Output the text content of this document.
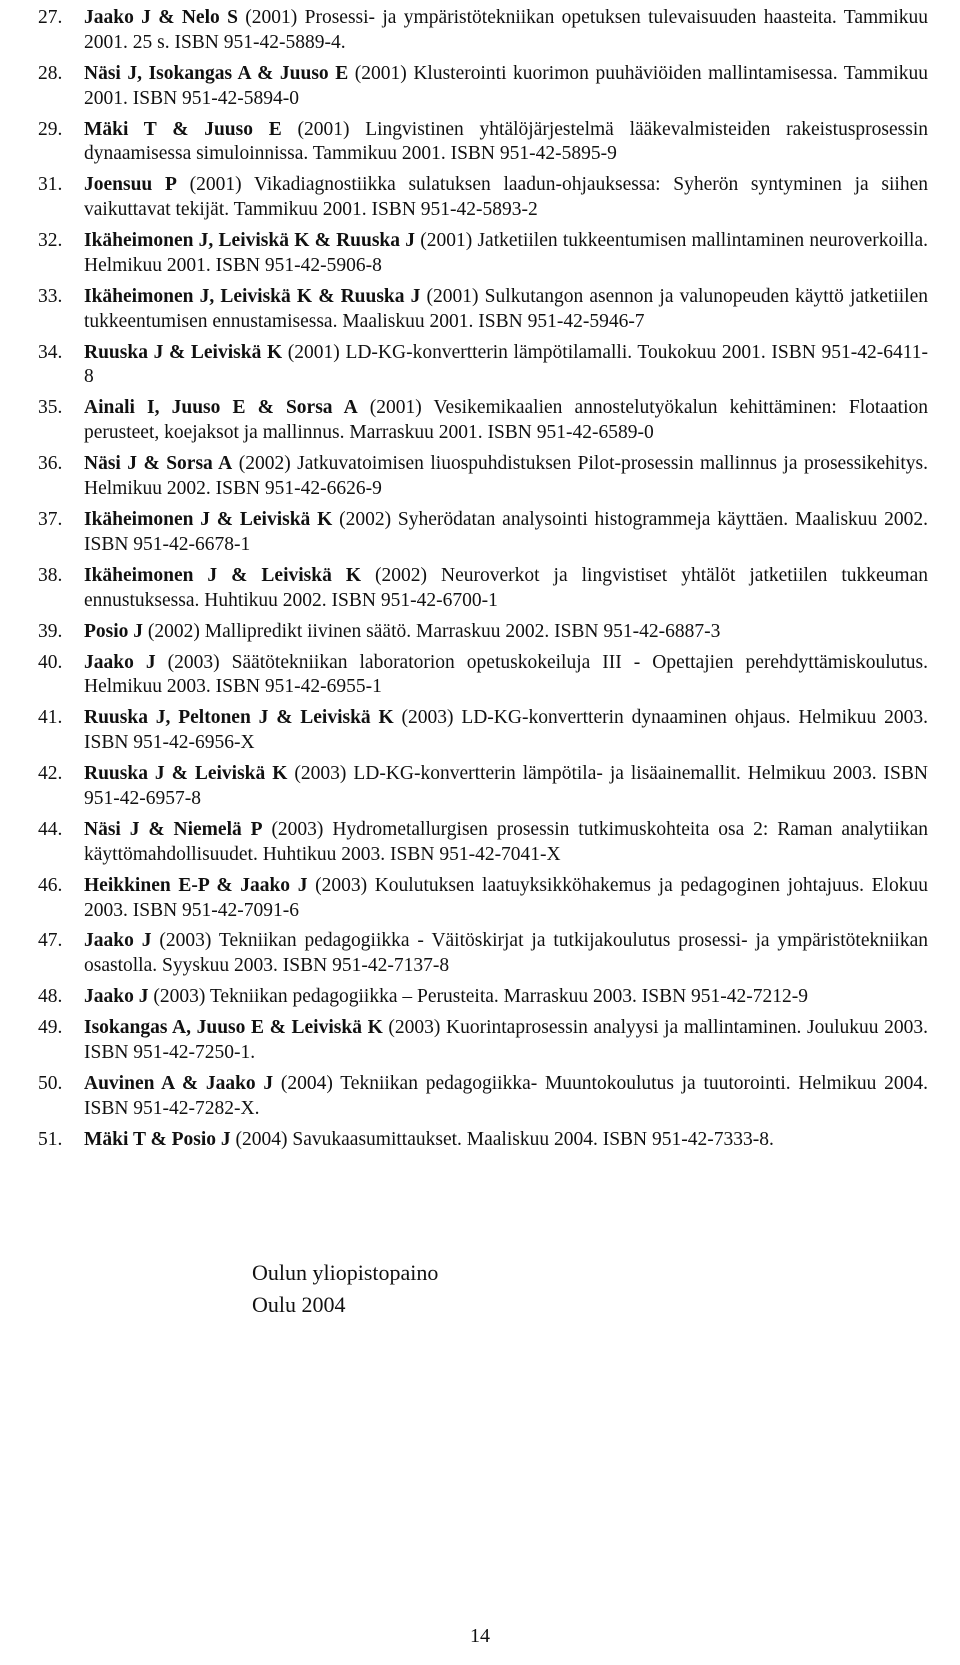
27. Jaako J & Nelo S (2001) Prosessi- ja ympäristötekniikan opetuksen tulevaisuuden haasteita. Tammikuu 2001. 25 s. ISBN 951-42-5889-4.
28. Näsi J, Isokangas A & Juuso E (2001) Klusterointi kuorimon puuhäviöiden mallintamisessa. Tammikuu 2001. ISBN 951-42-5894-0
29. Mäki T & Juuso E (2001) Lingvistinen yhtälöjärjestelmä lääkevalmisteiden rakeistusprosessin dynaamisessa simuloinnissa. Tammikuu 2001. ISBN 951-42-5895-9
31. Joensuu P (2001) Vikadiagnostiikka sulatuksen laadun-ohjauksessa: Syherön syntyminen ja siihen vaikuttavat tekijät. Tammikuu 2001. ISBN 951-42-5893-2
32. Ikäheimonen J, Leiviskä K & Ruuska J (2001) Jatketiilen tukkeentumisen mallintaminen neuroverkoilla. Helmikuu 2001. ISBN 951-42-5906-8
33. Ikäheimonen J, Leiviskä K & Ruuska J (2001) Sulkutangon asennon ja valunopeuden käyttö jatketiilen tukkeentumisen ennustamisessa. Maaliskuu 2001. ISBN 951-42-5946-7
34. Ruuska J & Leiviskä K (2001) LD-KG-konvertterin lämpötilamalli. Toukokuu 2001. ISBN 951-42-6411-8
35. Ainali I, Juuso E & Sorsa A (2001) Vesikemikaalien annostelutyökalun kehittäminen: Flotaation perusteet, koejaksot ja mallinnus. Marraskuu 2001. ISBN 951-42-6589-0
36. Näsi J & Sorsa A (2002) Jatkuvatoimisen liuospuhdistuksen Pilot-prosessin mallinnus ja prosessikehitys. Helmikuu 2002. ISBN 951-42-6626-9
37. Ikäheimonen J & Leiviskä K (2002) Syherödatan analysointi histogrammeja käyttäen. Maaliskuu 2002. ISBN 951-42-6678-1
38. Ikäheimonen J & Leiviskä K (2002) Neuroverkot ja lingvistiset yhtälöt jatketiilen tukkeuman ennustuksessa. Huhtikuu 2002. ISBN 951-42-6700-1
39. Posio J (2002) Mallipredikt iivinen säätö. Marraskuu 2002. ISBN 951-42-6887-3
40. Jaako J (2003) Säätötekniikan laboratorion opetuskokeiluja III - Opettajien perehdyttämiskoulutus. Helmikuu 2003. ISBN 951-42-6955-1
41. Ruuska J, Peltonen J & Leiviskä K (2003) LD-KG-konvertterin dynaaminen ohjaus. Helmikuu 2003. ISBN 951-42-6956-X
42. Ruuska J & Leiviskä K (2003) LD-KG-konvertterin lämpötila- ja lisäainemallit. Helmikuu 2003. ISBN 951-42-6957-8
44. Näsi J & Niemelä P (2003) Hydrometallurgisen prosessin tutkimuskohteita osa 2: Raman analytiikan käyttömahdollisuudet. Huhtikuu 2003. ISBN 951-42-7041-X
46. Heikkinen E-P & Jaako J (2003) Koulutuksen laatuyksikköhakemus ja pedagoginen johtajuus. Elokuu 2003. ISBN 951-42-7091-6
47. Jaako J (2003) Tekniikan pedagogiikka - Väitöskirjat ja tutkijakoulutus prosessi- ja ympäristötekniikan osastolla. Syyskuu 2003. ISBN 951-42-7137-8
48. Jaako J (2003) Tekniikan pedagogiikka – Perusteita. Marraskuu 2003. ISBN 951-42-7212-9
49. Isokangas A, Juuso E & Leiviskä K (2003) Kuorintaprosessin analyysi ja mallintaminen. Joulukuu 2003. ISBN 951-42-7250-1.
50. Auvinen A & Jaako J (2004) Tekniikan pedagogiikka- Muuntokoulutus ja tuutorointi. Helmikuu 2004. ISBN 951-42-7282-X.
51. Mäki T & Posio J (2004) Savukaasumittaukset. Maaliskuu 2004. ISBN 951-42-7333-8.
Oulun yliopistopaino
Oulu 2004
14
